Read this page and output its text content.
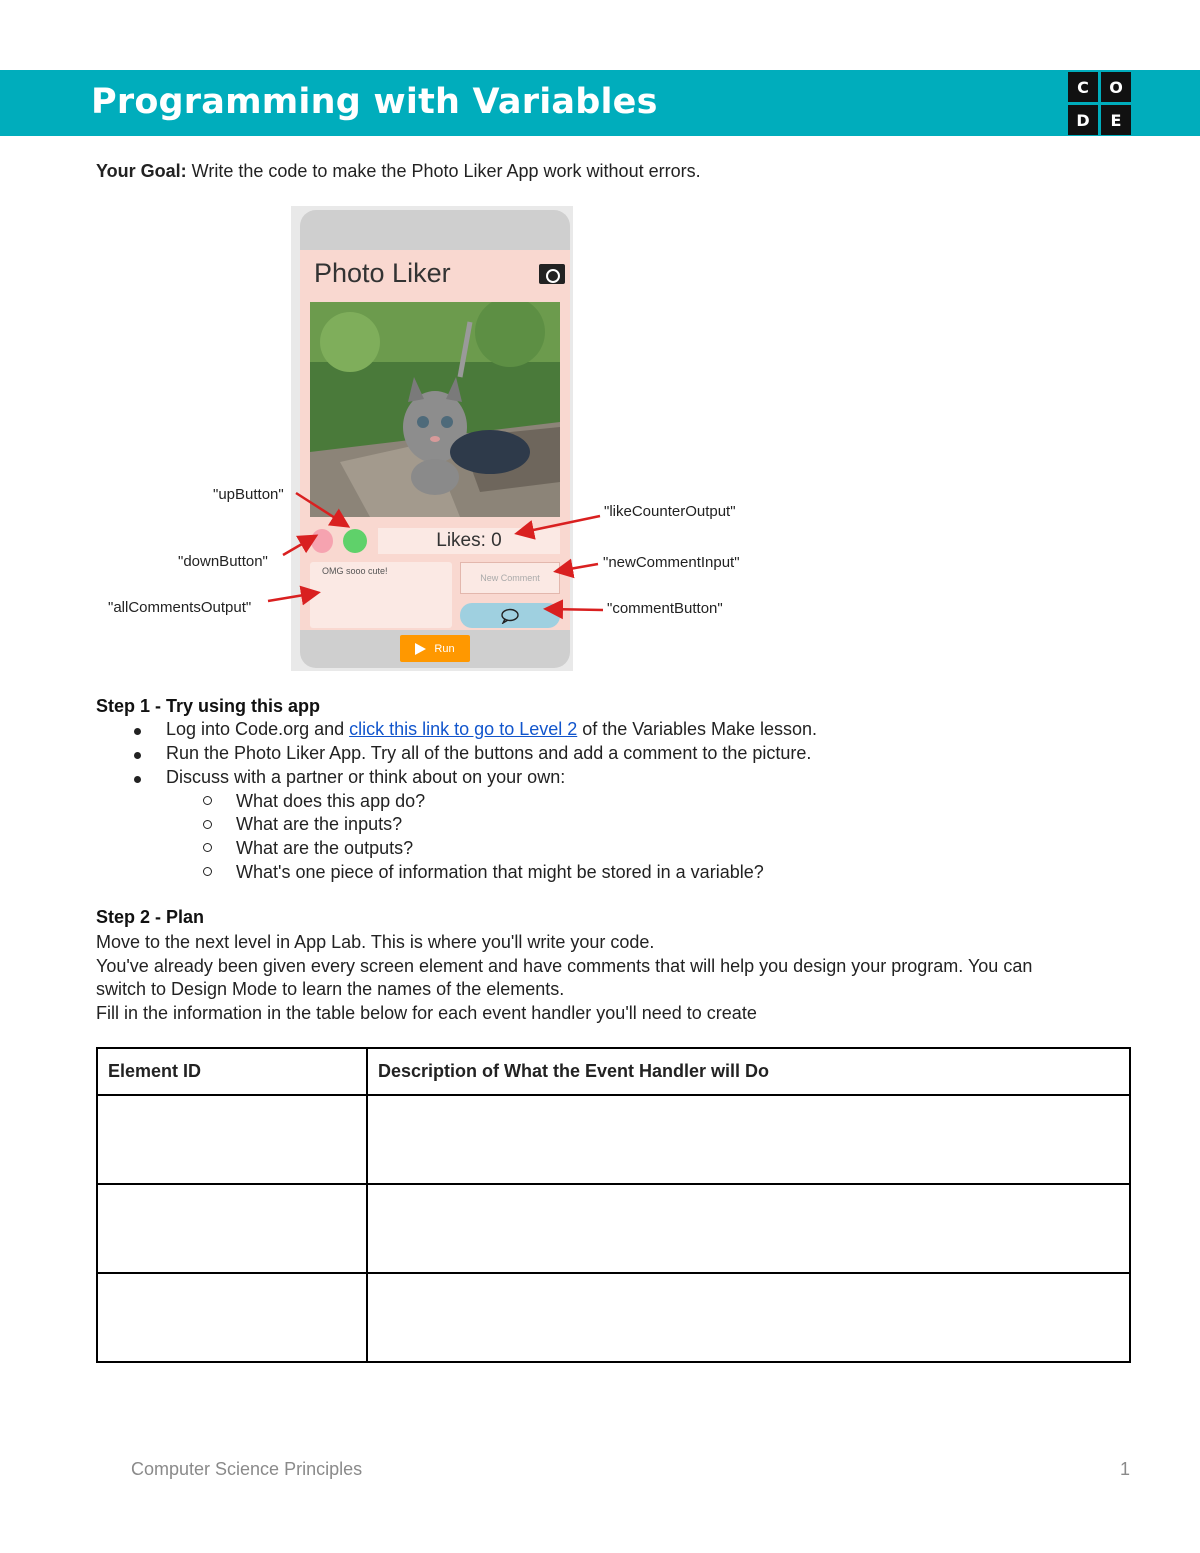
Programming with Variables	C	O
D	E
Your Goal: Write the code to make the Photo Liker App work without errors.
Photo Liker
Likes: 0
OMG sooo cute!
New Comment
Run
"upButton"
"downButton"
"allCommentsOutput"
"likeCounterOutput"
"newCommentInput"
"commentButton"
Step 1 - Try using this app
Log into Code.org and click this link to go to Level 2 of the Variables Make lesson.
Run the Photo Liker App. Try all of the buttons and add a comment to the picture.
Discuss with a partner or think about on your own:
What does this app do?
What are the inputs?
What are the outputs?
What's one piece of information that might be stored in a variable?
Step 2 - Plan
Move to the next level in App Lab. This is where you'll write your code.
You've already been given every screen element and have comments that will help you design your program. You can
switch to Design Mode to learn the names of the elements.
Fill in the information in the table below for each event handler you'll need to create
Element ID	Description of What the Event Handler will Do

Computer Science Principles	1
